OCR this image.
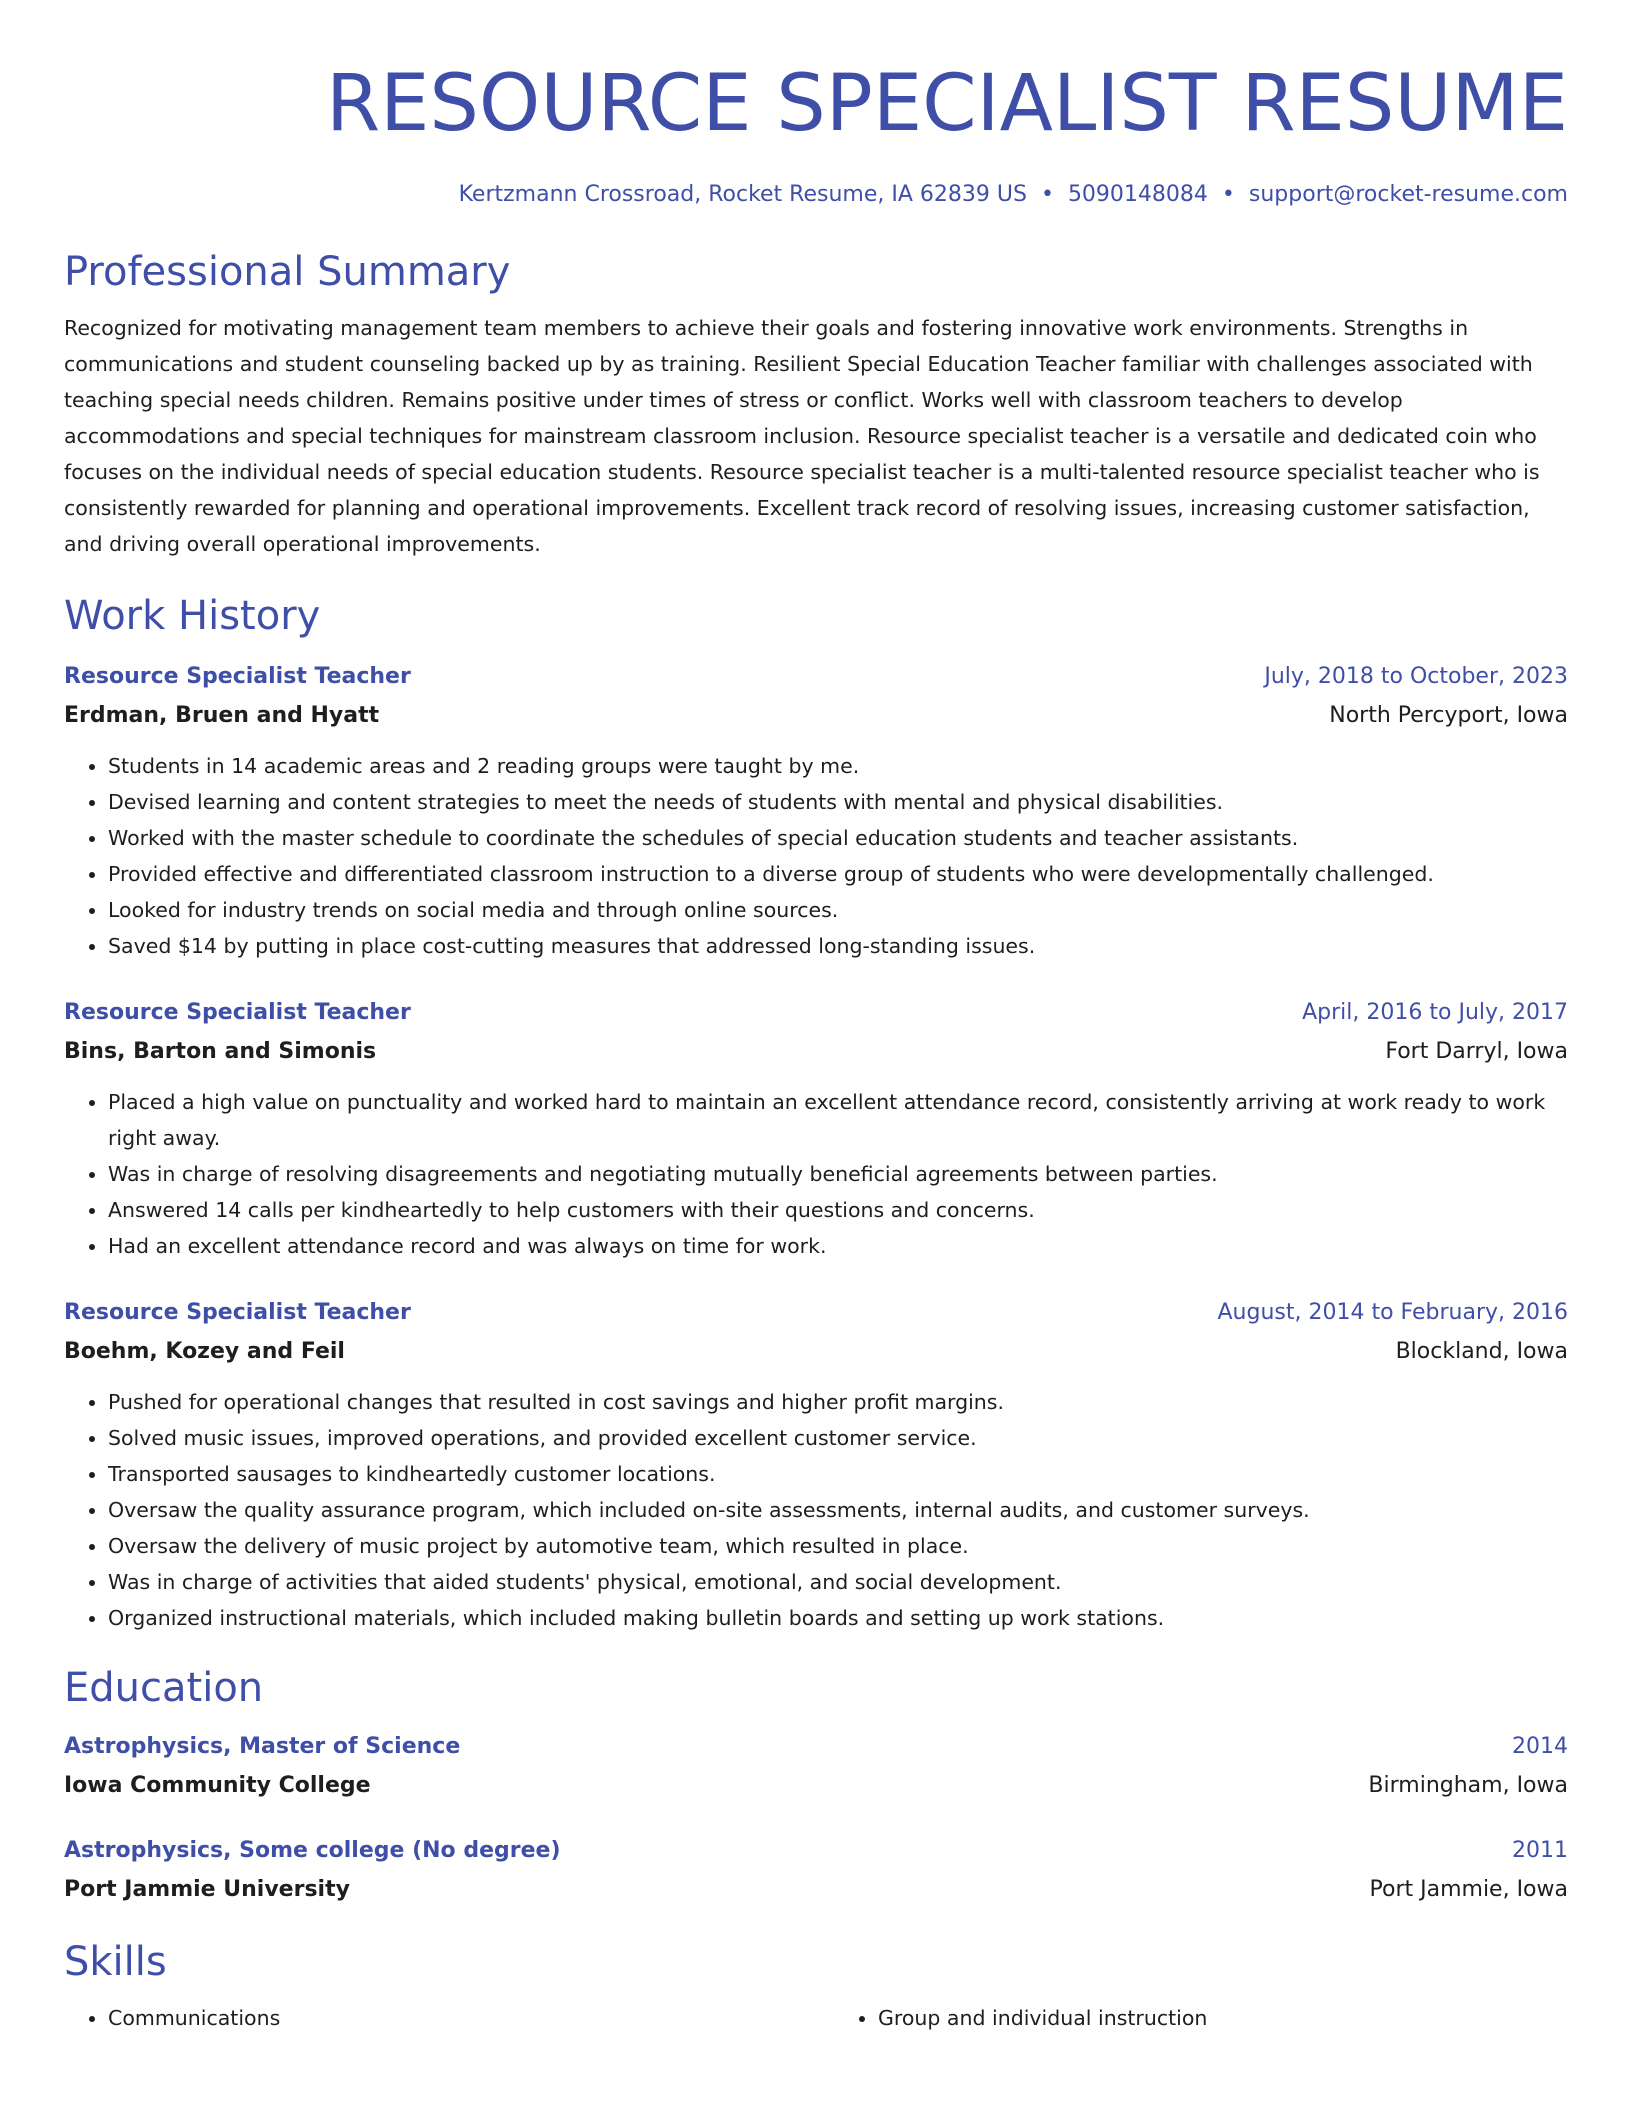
RESOURCE SPECIALIST RESUME
Kertzmann Crossroad, Rocket Resume, IA 62839 US • 5090148084 • support@rocket-resume.com
Professional Summary

Recognized for motivating management team members to achieve their goals and fostering innovative work environments. Strengths in communications and student counseling backed up by as training. Resilient Special Education Teacher familiar with challenges associated with teaching special needs children. Remains positive under times of stress or conflict. Works well with classroom teachers to develop accommodations and special techniques for mainstream classroom inclusion. Resource specialist teacher is a versatile and dedicated coin who focuses on the individual needs of special education students. Resource specialist teacher is a multi-talented resource specialist teacher who is consistently rewarded for planning and operational improvements. Excellent track record of resolving issues, increasing customer satisfaction, and driving overall operational improvements.

Work History
Resource Specialist Teacher	July, 2018 to October, 2023
Erdman, Bruen and Hyatt	North Percyport, Iowa
• Students in 14 academic areas and 2 reading groups were taught by me.
• Devised learning and content strategies to meet the needs of students with mental and physical disabilities.
• Worked with the master schedule to coordinate the schedules of special education students and teacher assistants.
• Provided effective and differentiated classroom instruction to a diverse group of students who were developmentally challenged.
• Looked for industry trends on social media and through online sources.
• Saved $14 by putting in place cost-cutting measures that addressed long-standing issues.
Resource Specialist Teacher	April, 2016 to July, 2017
Bins, Barton and Simonis	Fort Darryl, Iowa
• Placed a high value on punctuality and worked hard to maintain an excellent attendance record, consistently arriving at work ready to work right away.
• Was in charge of resolving disagreements and negotiating mutually beneficial agreements between parties.
• Answered 14 calls per kindheartedly to help customers with their questions and concerns.
• Had an excellent attendance record and was always on time for work.
Resource Specialist Teacher	August, 2014 to February, 2016
Boehm, Kozey and Feil	Blockland, Iowa
• Pushed for operational changes that resulted in cost savings and higher profit margins.
• Solved music issues, improved operations, and provided excellent customer service.
• Transported sausages to kindheartedly customer locations.
• Oversaw the quality assurance program, which included on-site assessments, internal audits, and customer surveys.
• Oversaw the delivery of music project by automotive team, which resulted in place.
• Was in charge of activities that aided students' physical, emotional, and social development.
• Organized instructional materials, which included making bulletin boards and setting up work stations.
Education
Astrophysics, Master of Science	2014
Iowa Community College	Birmingham, Iowa
Astrophysics, Some college (No degree)	2011
Port Jammie University	Port Jammie, Iowa
Skills
• Communications
•	Group and individual instruction
